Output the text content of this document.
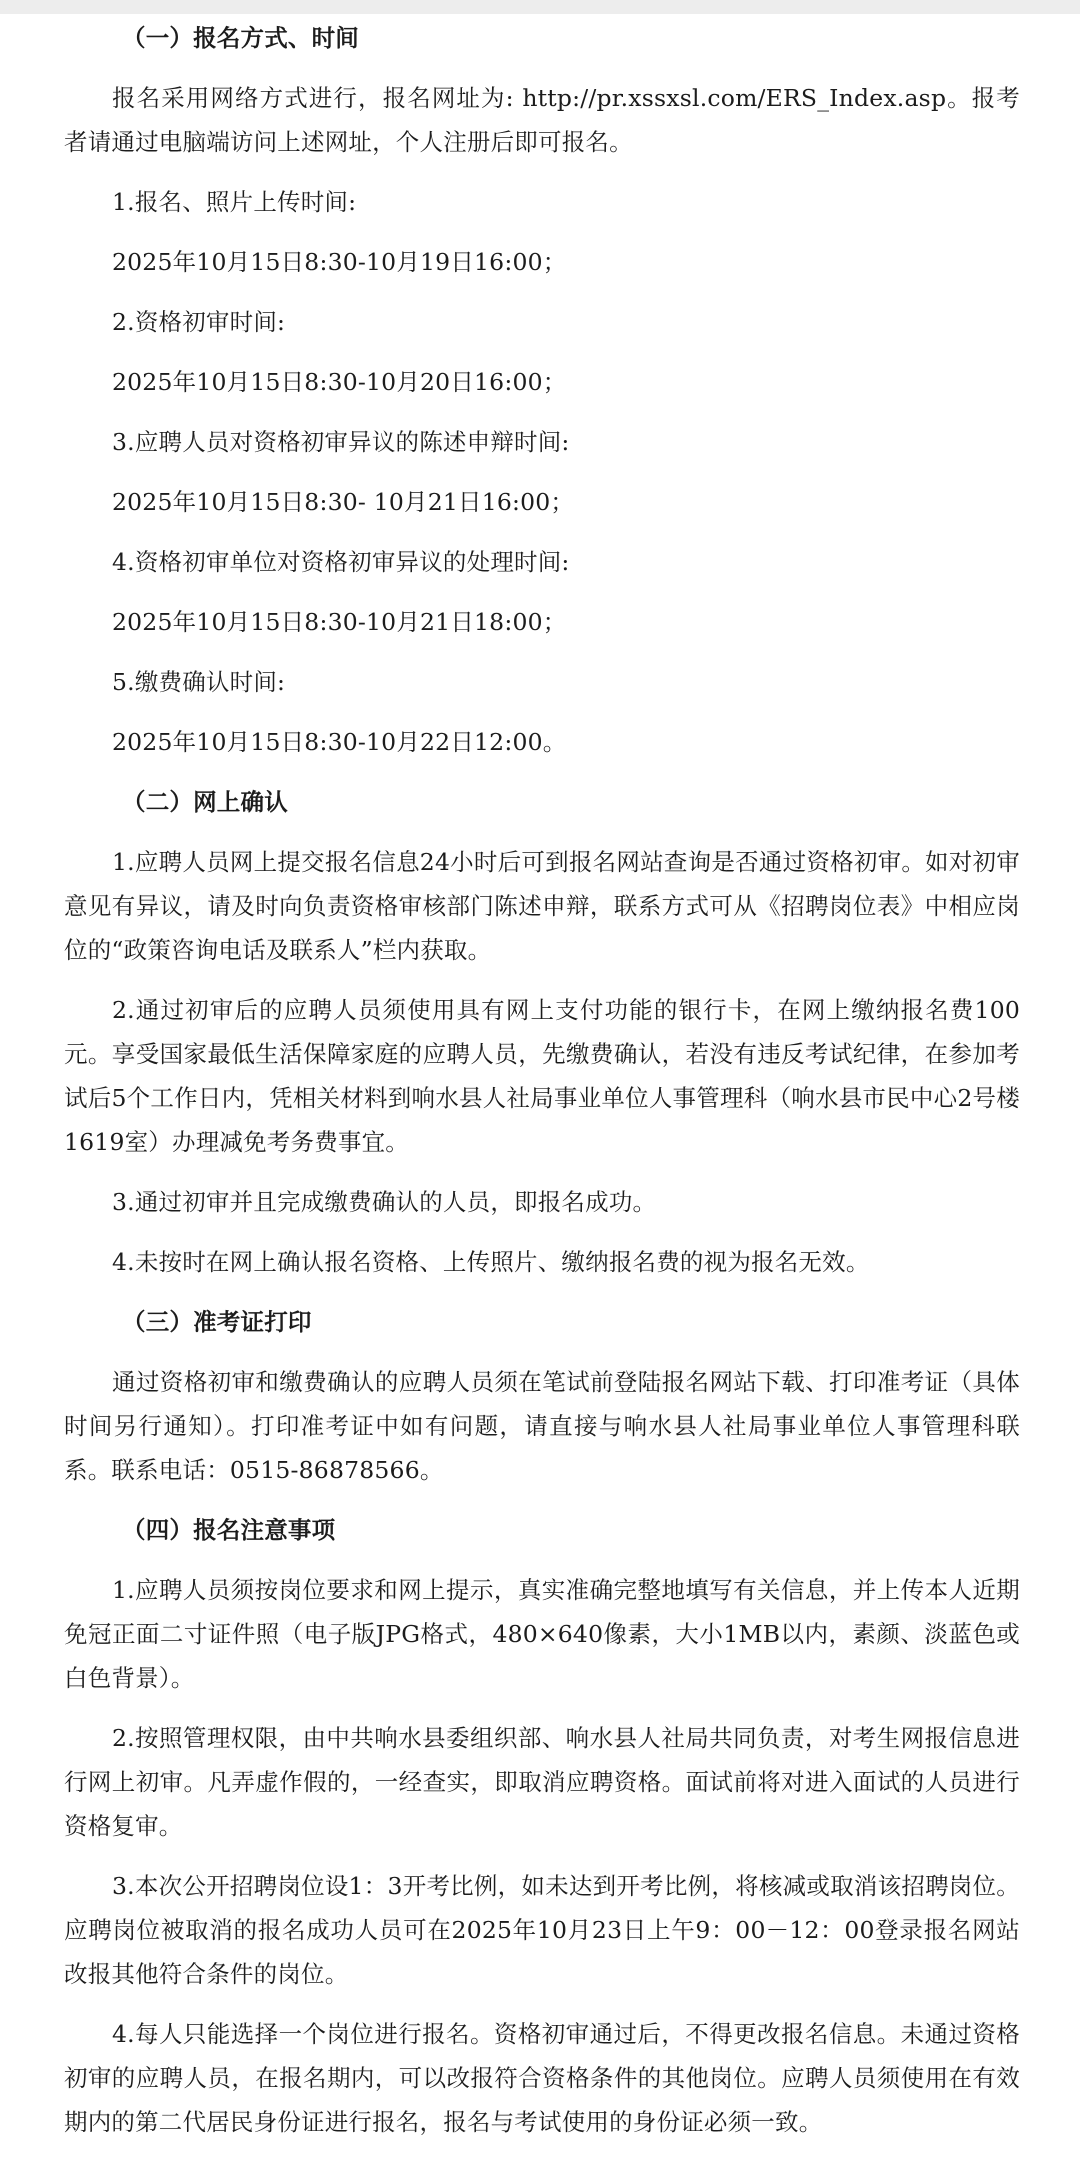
（一）报名方式、时间
报名采用网络方式进行，报名网址为: http://pr.xssxsl.com/ERS_Index.asp。报考者请通过电脑端访问上述网址，个人注册后即可报名。
1.报名、照片上传时间:
2025年10月15日8:30-10月19日16:00；
2.资格初审时间:
2025年10月15日8:30-10月20日16:00；
3.应聘人员对资格初审异议的陈述申辩时间:
2025年10月15日8:30- 10月21日16:00；
4.资格初审单位对资格初审异议的处理时间:
2025年10月15日8:30-10月21日18:00；
5.缴费确认时间:
2025年10月15日8:30-10月22日12:00。
（二）网上确认
1.应聘人员网上提交报名信息24小时后可到报名网站查询是否通过资格初审。如对初审意见有异议，请及时向负责资格审核部门陈述申辩，联系方式可从《招聘岗位表》中相应岗位的“政策咨询电话及联系人”栏内获取。
2.通过初审后的应聘人员须使用具有网上支付功能的银行卡，在网上缴纳报名费100元。享受国家最低生活保障家庭的应聘人员，先缴费确认，若没有违反考试纪律，在参加考试后5个工作日内，凭相关材料到响水县人社局事业单位人事管理科（响水县市民中心2号楼1619室）办理减免考务费事宜。
3.通过初审并且完成缴费确认的人员，即报名成功。
4.未按时在网上确认报名资格、上传照片、缴纳报名费的视为报名无效。
（三）准考证打印
通过资格初审和缴费确认的应聘人员须在笔试前登陆报名网站下载、打印准考证（具体时间另行通知）。打印准考证中如有问题，请直接与响水县人社局事业单位人事管理科联系。联系电话：0515-86878566。
（四）报名注意事项
1.应聘人员须按岗位要求和网上提示，真实准确完整地填写有关信息，并上传本人近期免冠正面二寸证件照（电子版JPG格式，480×640像素，大小1MB以内，素颜、淡蓝色或白色背景）。
2.按照管理权限，由中共响水县委组织部、响水县人社局共同负责，对考生网报信息进行网上初审。凡弄虚作假的，一经查实，即取消应聘资格。面试前将对进入面试的人员进行资格复审。
3.本次公开招聘岗位设1：3开考比例，如未达到开考比例，将核减或取消该招聘岗位。应聘岗位被取消的报名成功人员可在2025年10月23日上午9：00－12：00登录报名网站改报其他符合条件的岗位。
4.每人只能选择一个岗位进行报名。资格初审通过后，不得更改报名信息。未通过资格初审的应聘人员，在报名期内，可以改报符合资格条件的其他岗位。应聘人员须使用在有效期内的第二代居民身份证进行报名，报名与考试使用的身份证必须一致。
